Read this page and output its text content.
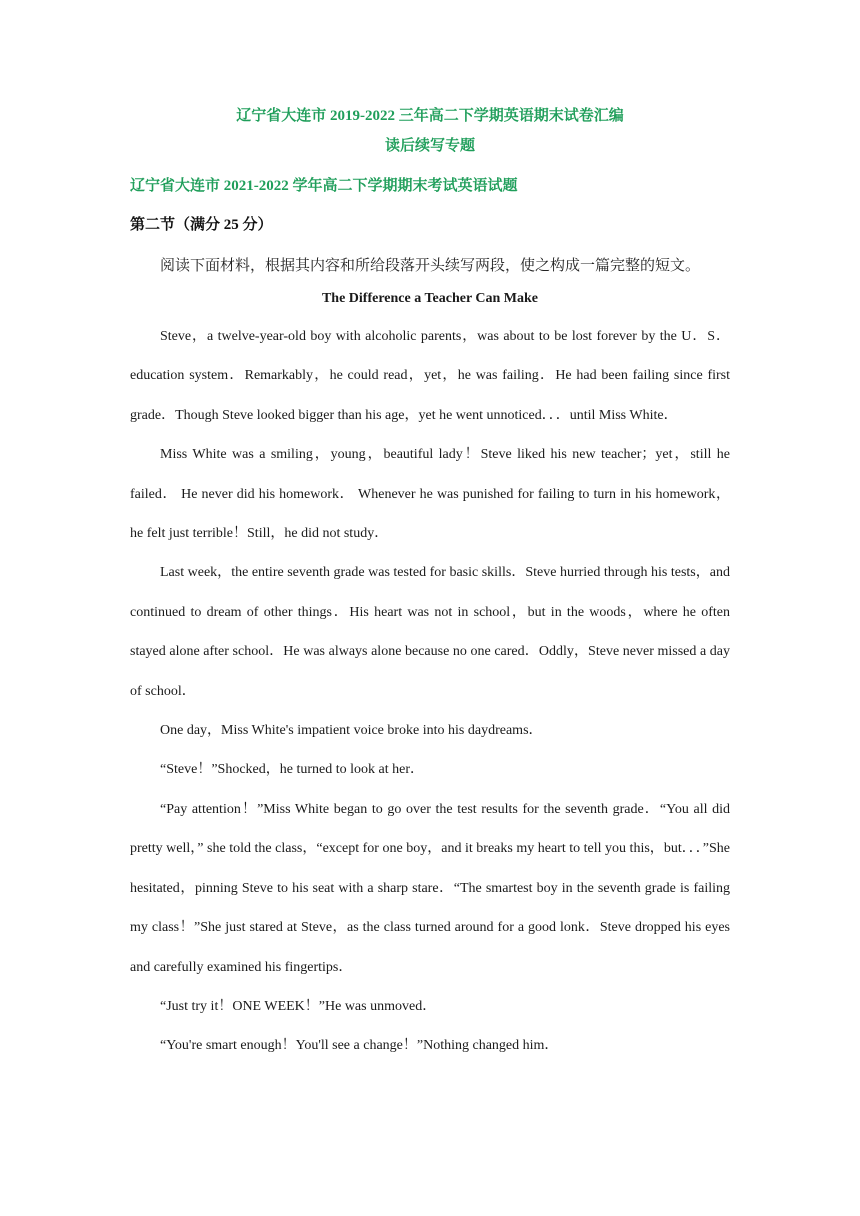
辽宁省大连市 2019-2022 三年高二下学期英语期末试卷汇编
读后续写专题
辽宁省大连市 2021-2022 学年高二下学期期末考试英语试题
第二节（满分 25 分）
阅读下面材料，根据其内容和所给段落开头续写两段，使之构成一篇完整的短文。
The Difference a Teacher Can Make

Steve，a twelve-year-old boy with alcoholic parents，was about to be lost forever by the U．S．education system．Remarkably，he could read，yet，he was failing．He had been failing since first grade．Though Steve looked bigger than his age，yet he went unnoticed．．．until Miss White．

Miss White was a smiling，young，beautiful lady！Steve liked his new teacher；yet，still he failed． He never did his homework． Whenever he was punished for failing to turn in his homework，he felt just terrible！Still，he did not study．

Last week，the entire seventh grade was tested for basic skills．Steve hurried through his tests，and continued to dream of other things．His heart was not in school，but in the woods，where he often stayed alone after school．He was always alone because no one cared．Oddly，Steve never missed a day of school．

One day，Miss White's impatient voice broke into his daydreams．

“Steve！”Shocked，he turned to look at her．

“Pay attention！”Miss White began to go over the test results for the seventh grade．“You all did pretty well，” she told the class，“except for one boy，and it breaks my heart to tell you this，but．．．”She hesitated，pinning Steve to his seat with a sharp stare．“The smartest boy in the seventh grade is failing my class！”She just stared at Steve，as the class turned around for a good lonk．Steve dropped his eyes and carefully examined his fingertips．

“Just try it！ONE WEEK！”He was unmoved．

“You're smart enough！You'll see a change！”Nothing changed him．
